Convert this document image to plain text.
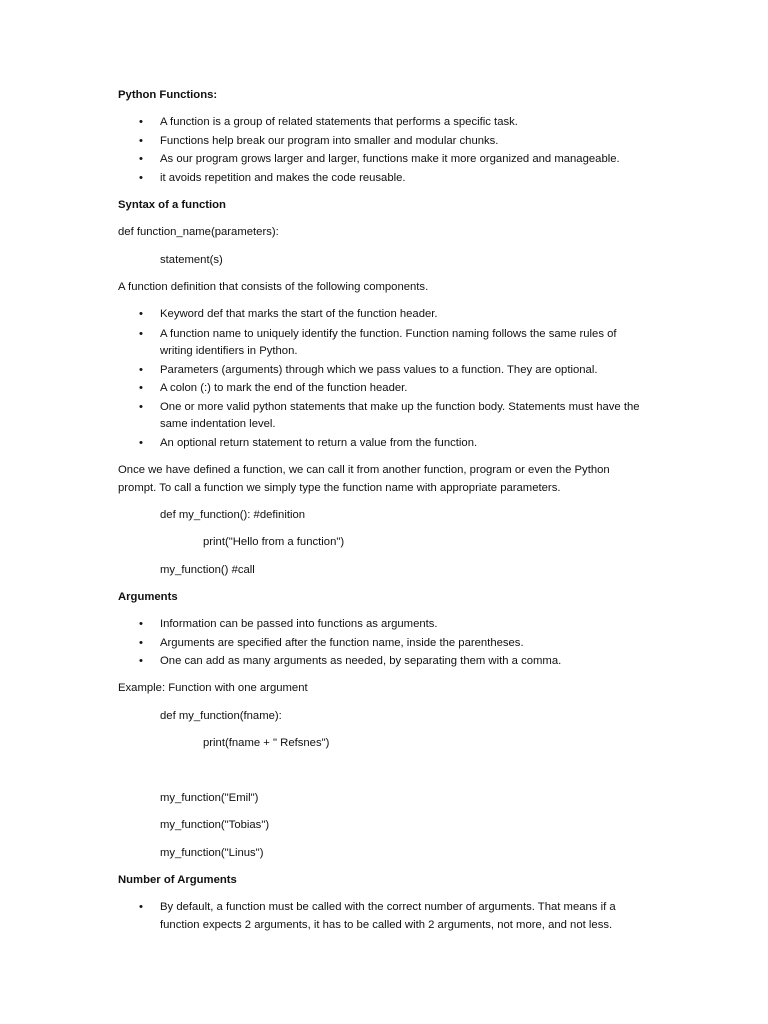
Python Functions:

• A function is a group of related statements that performs a specific task.
• Functions help break our program into smaller and modular chunks.
• As our program grows larger and larger, functions make it more organized and manageable.
• it avoids repetition and makes the code reusable.

Syntax of a function

def function_name(parameters):

statement(s)

A function definition that consists of the following components.

• Keyword def that marks the start of the function header.
• A function name to uniquely identify the function. Function naming follows the same rules of writing identifiers in Python.
• Parameters (arguments) through which we pass values to a function. They are optional.
• A colon (:) to mark the end of the function header.
• One or more valid python statements that make up the function body. Statements must have the same indentation level.
• An optional return statement to return a value from the function.

Once we have defined a function, we can call it from another function, program or even the Python prompt. To call a function we simply type the function name with appropriate parameters.

def my_function(): #definition

print("Hello from a function")

my_function() #call

Arguments

• Information can be passed into functions as arguments.
• Arguments are specified after the function name, inside the parentheses.
• One can add as many arguments as needed, by separating them with a comma.

Example: Function with one argument

def my_function(fname):

print(fname + " Refsnes")

my_function("Emil")

my_function("Tobias")

my_function("Linus")

Number of Arguments

• By default, a function must be called with the correct number of arguments. That means if a function expects 2 arguments, it has to be called with 2 arguments, not more, and not less.
